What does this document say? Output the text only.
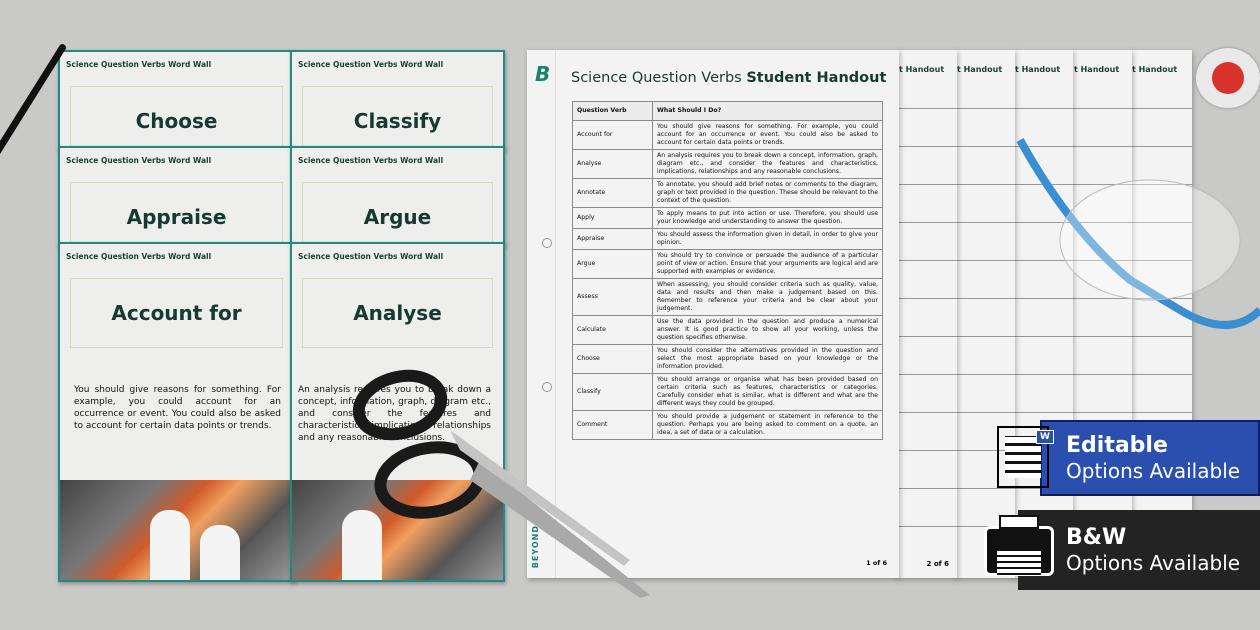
Science Question Verbs Word Wall
Choose
Science Question Verbs Word Wall
Classify
Science Question Verbs Word Wall
Appraise
Science Question Verbs Word Wall
Argue
Science Question Verbs Word Wall
Account for
You should give reasons for something. For example, you could account for an occurrence or event. You could also be asked to account for certain data points or trends.
Science Question Verbs Word Wall
Analyse
An analysis requires you to break down a concept, information, graph, diagram etc., and consider the features and characteristics, implications, relationships and any reasonable conclusions.
t Handout
t Handout
t Handout
t Handout
t Handout
2 of 6
B
BEYOND
Science Question Verbs Student Handout
Question Verb	What Should I Do?
Account for	You should give reasons for something. For example, you could account for an occurrence or event. You could also be asked to account for certain data points or trends.
Analyse	An analysis requires you to break down a concept, information, graph, diagram etc., and consider the features and characteristics, implications, relationships and any reasonable conclusions.
Annotate	To annotate, you should add brief notes or comments to the diagram, graph or text provided in the question. These should be relevant to the context of the question.
Apply	To apply means to put into action or use. Therefore, you should use your knowledge and understanding to answer the question.
Appraise	You should assess the information given in detail, in order to give your opinion.
Argue	You should try to convince or persuade the audience of a particular point of view or action. Ensure that your arguments are logical and are supported with examples or evidence.
Assess	When assessing, you should consider criteria such as quality, value, data and results and then make a judgement based on this. Remember to reference your criteria and be clear about your judgement.
Calculate	Use the data provided in the question and produce a numerical answer. It is good practice to show all your working, unless the question specifies otherwise.
Choose	You should consider the alternatives provided in the question and select the most appropriate based on your knowledge or the information provided.
Classify	You should arrange or organise what has been provided based on certain criteria such as features, characteristics or categories. Carefully consider what is similar, what is different and what are the different ways they could be grouped.
Comment	You should provide a judgement or statement in reference to the question. Perhaps you are being asked to comment on a quote, an idea, a set of data or a calculation.
1 of 6
W Editable
Options Available
B&W
Options Available
